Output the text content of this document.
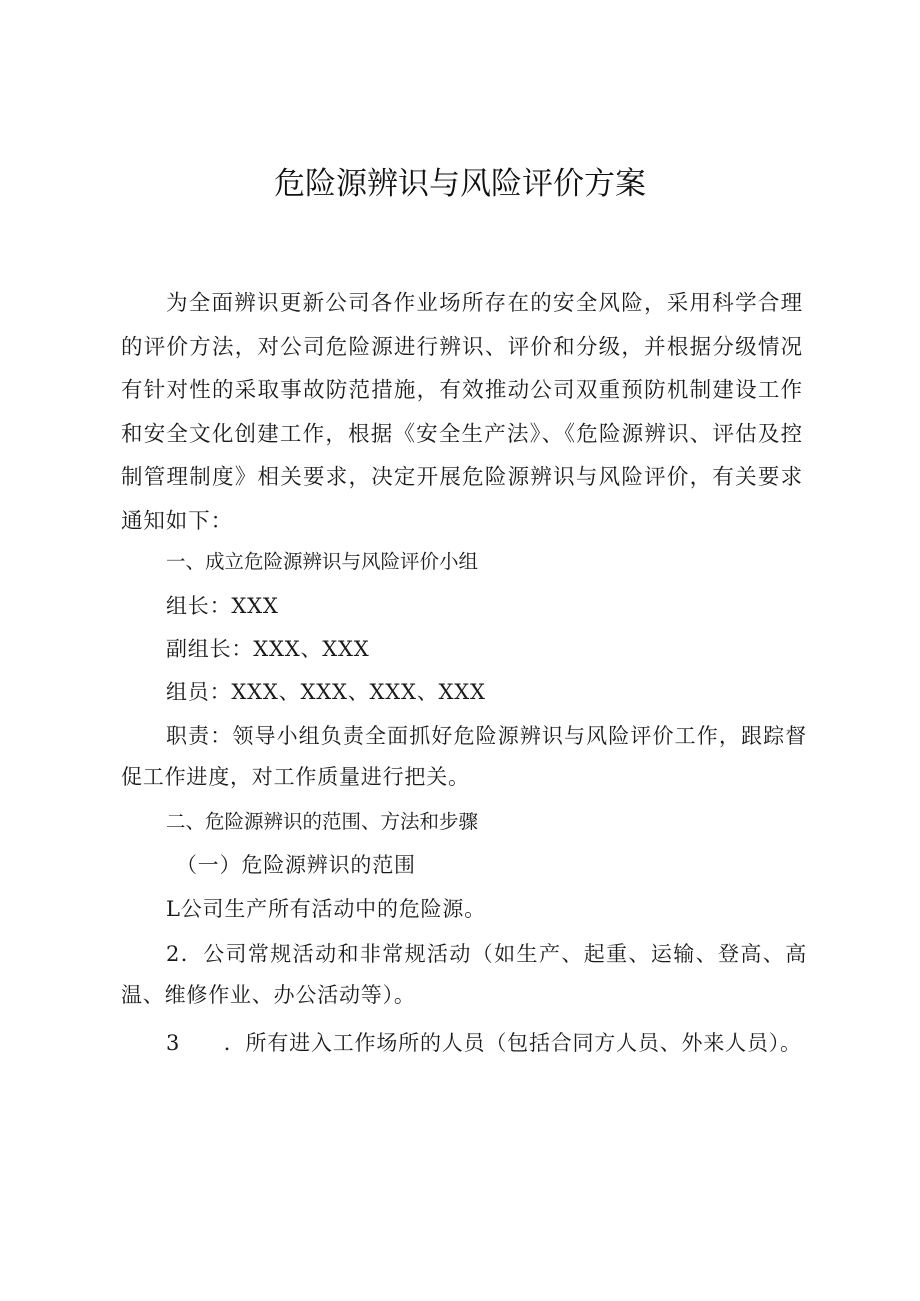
危险源辨识与风险评价方案
为全面辨识更新公司各作业场所存在的安全风险，采用科学合理的评价方法，对公司危险源进行辨识、评价和分级，并根据分级情况有针对性的采取事故防范措施，有效推动公司双重预防机制建设工作和安全文化创建工作，根据《安全生产法》、《危险源辨识、评估及控制管理制度》相关要求，决定开展危险源辨识与风险评价，有关要求通知如下：
一、成立危险源辨识与风险评价小组
组长：XXX
副组长：XXX、XXX
组员：XXX、XXX、XXX、XXX
职责：领导小组负责全面抓好危险源辨识与风险评价工作，跟踪督促工作进度，对工作质量进行把关。
二、危险源辨识的范围、方法和步骤
（一）危险源辨识的范围
L公司生产所有活动中的危险源。
2．公司常规活动和非常规活动（如生产、起重、运输、登高、高温、维修作业、办公活动等）。
3　　．所有进入工作场所的人员（包括合同方人员、外来人员）。
